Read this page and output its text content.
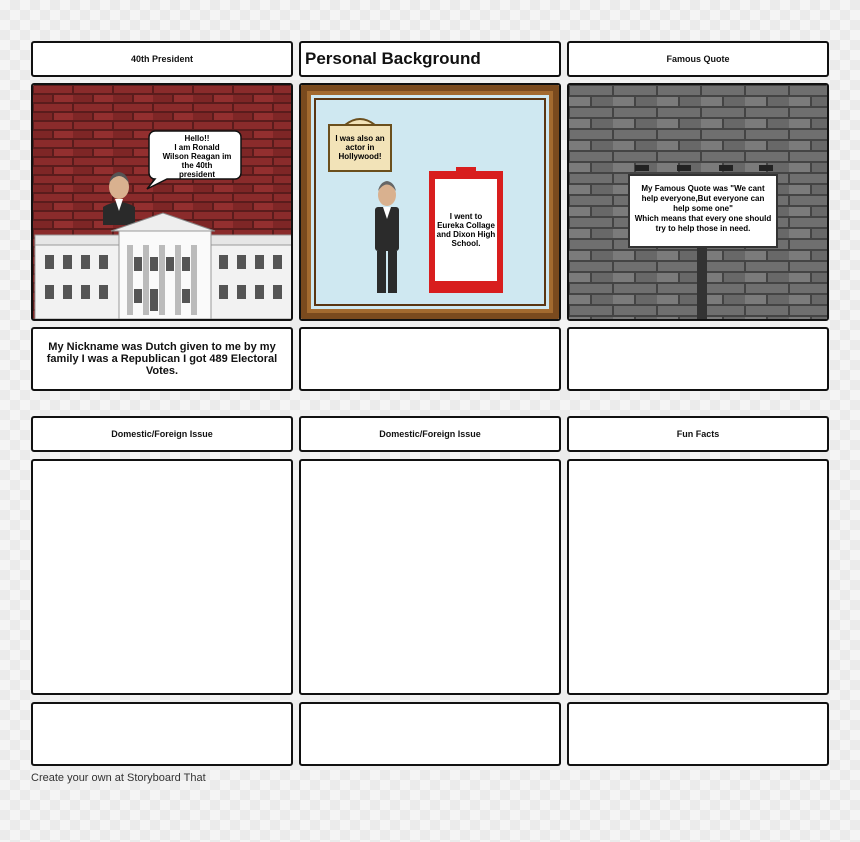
40th President	Personal Background	Famous Quote
Hello!!
I am Ronald
Wilson Reagan im
the 40th
president
I was also an
actor in
Hollywood!
I went to
Eureka Collage
and Dixon High
School.
My Famous Quote was "We cant
help everyone,But everyone can
help some one"
Which means that every one should
try to help those in need.
My Nickname was Dutch given to me by my family I was a Republican I got 489 Electoral Votes.
Domestic/Foreign Issue	Domestic/Foreign Issue	Fun Facts
Create your own at Storyboard That
